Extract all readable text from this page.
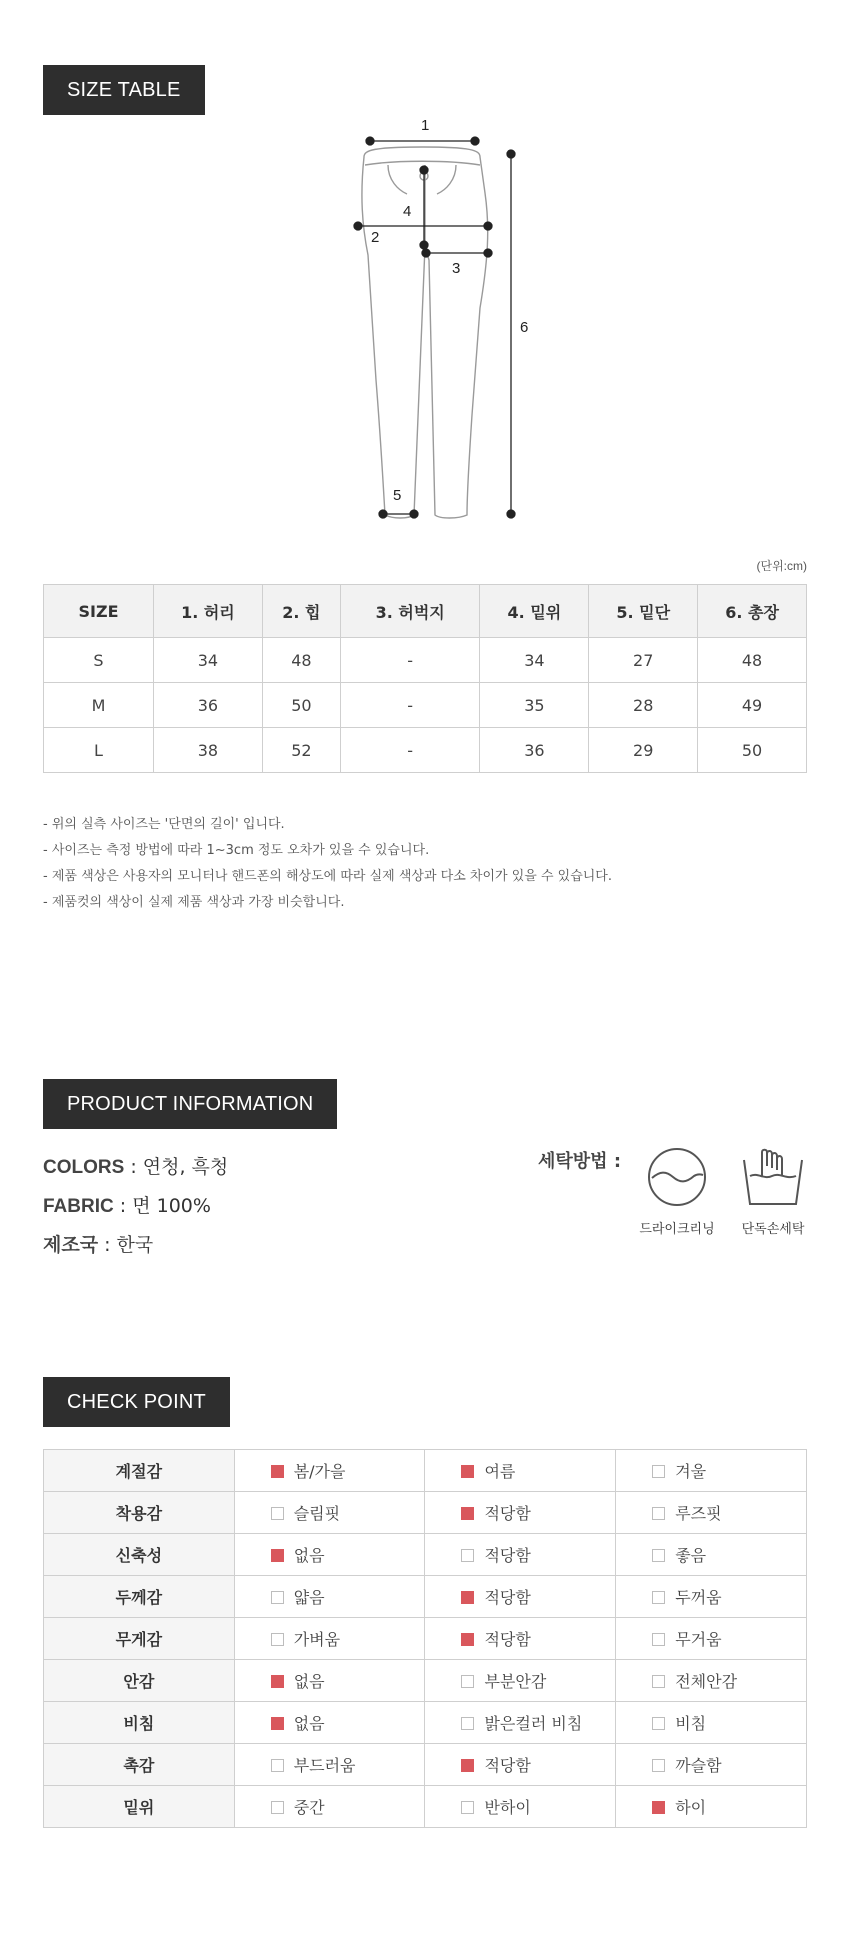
SIZE TABLE
1
2
3
4
5
6
(단위:cm)
SIZE	1. 허리	2. 힙	3. 허벅지	4. 밑위	5. 밑단	6. 총장
S	34	48	-	34	27	48
M	36	50	-	35	28	49
L	38	52	-	36	29	50
- 위의 실측 사이즈는 '단면의 길이' 입니다.
- 사이즈는 측정 방법에 따라 1~3cm 정도 오차가 있을 수 있습니다.
- 제품 색상은 사용자의 모니터나 핸드폰의 해상도에 따라 실제 색상과 다소 차이가 있을 수 있습니다.
- 제품컷의 색상이 실제 제품 색상과 가장 비슷합니다.
PRODUCT INFORMATION
COLORS : 연청, 흑청
FABRIC : 면 100%
제조국 : 한국
세탁방법 :
드라이크리닝	단독손세탁
CHECK POINT
계절감	봄/가을	여름	겨울
착용감	슬림핏	적당함	루즈핏
신축성	없음	적당함	좋음
두께감	얇음	적당함	두꺼움
무게감	가벼움	적당함	무거움
안감	없음	부분안감	전체안감
비침	없음	밝은컬러 비침	비침
촉감	부드러움	적당함	까슬함
밑위	중간	반하이	하이
